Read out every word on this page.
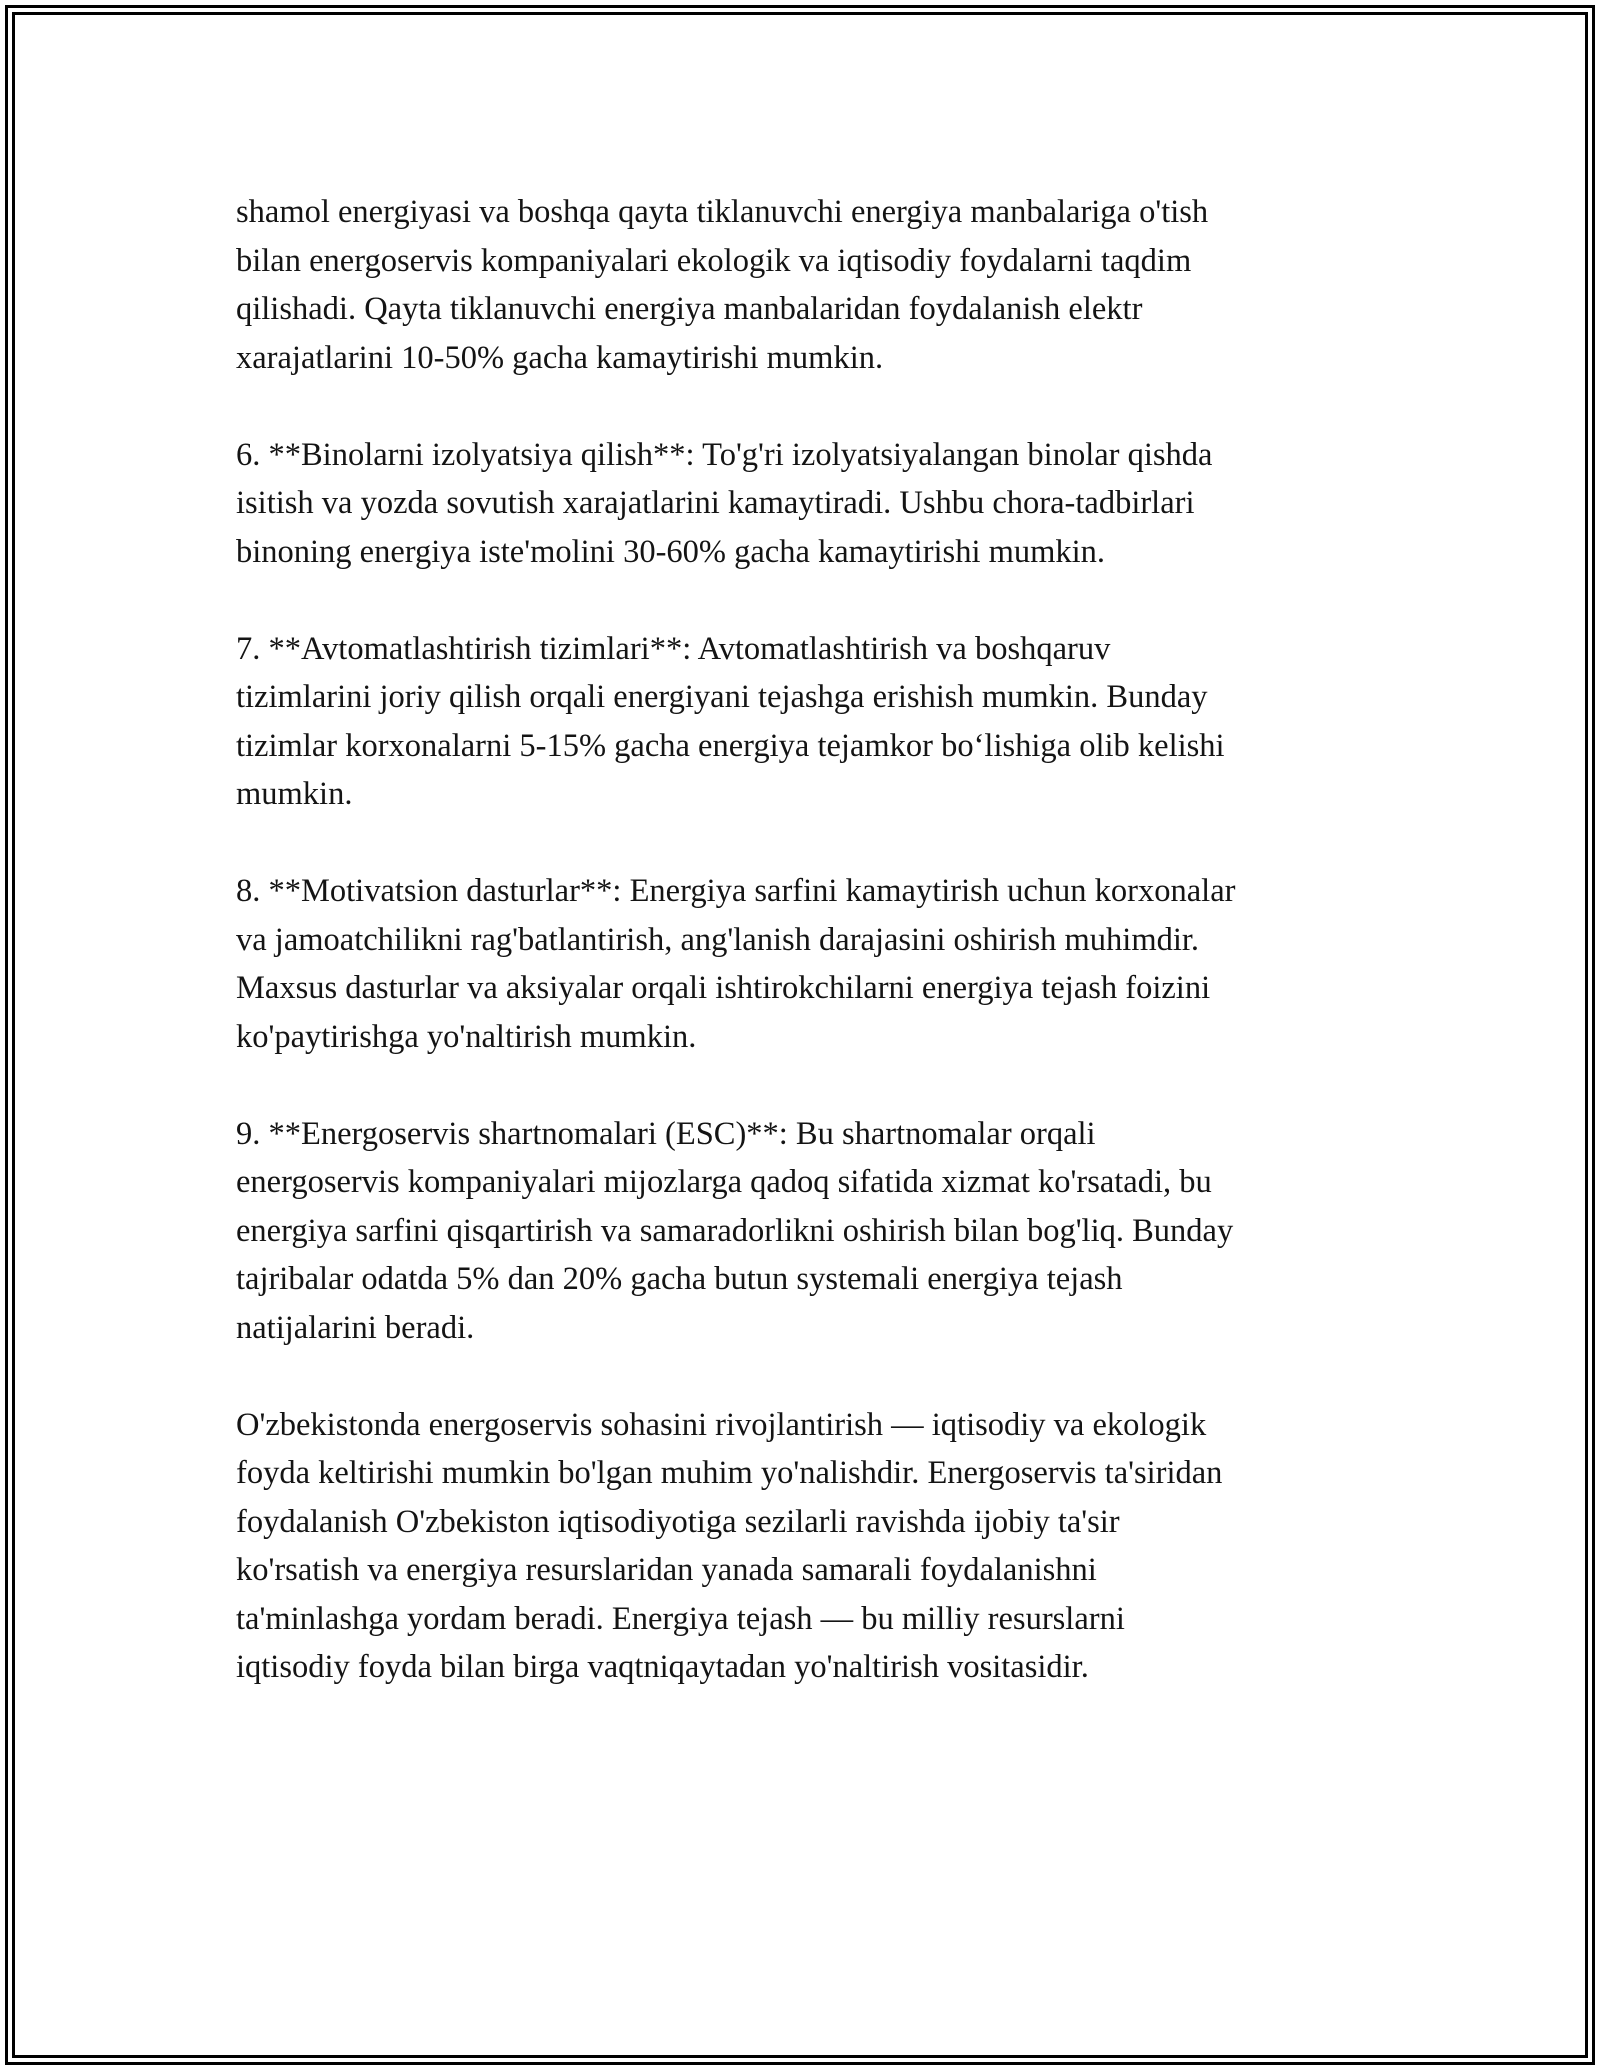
shamol energiyasi va boshqa qayta tiklanuvchi energiya manbalariga o'tish
bilan energoservis kompaniyalari ekologik va iqtisodiy foydalarni taqdim
qilishadi. Qayta tiklanuvchi energiya manbalaridan foydalanish elektr
xarajatlarini 10-50% gacha kamaytirishi mumkin.

6. **Binolarni izolyatsiya qilish**: To'g'ri izolyatsiyalangan binolar qishda
isitish va yozda sovutish xarajatlarini kamaytiradi. Ushbu chora-tadbirlari
binoning energiya iste'molini 30-60% gacha kamaytirishi mumkin.

7. **Avtomatlashtirish tizimlari**: Avtomatlashtirish va boshqaruv
tizimlarini joriy qilish orqali energiyani tejashga erishish mumkin. Bunday
tizimlar korxonalarni 5-15% gacha energiya tejamkor bo‘lishiga olib kelishi
mumkin.

8. **Motivatsion dasturlar**: Energiya sarfini kamaytirish uchun korxonalar
va jamoatchilikni rag'batlantirish, ang'lanish darajasini oshirish muhimdir.
Maxsus dasturlar va aksiyalar orqali ishtirokchilarni energiya tejash foizini
ko'paytirishga yo'naltirish mumkin.

9. **Energoservis shartnomalari (ESC)**: Bu shartnomalar orqali
energoservis kompaniyalari mijozlarga qadoq sifatida xizmat ko'rsatadi, bu
energiya sarfini qisqartirish va samaradorlikni oshirish bilan bog'liq. Bunday
tajribalar odatda 5% dan 20% gacha butun systemali energiya tejash
natijalarini beradi.

O'zbekistonda energoservis sohasini rivojlantirish — iqtisodiy va ekologik
foyda keltirishi mumkin bo'lgan muhim yo'nalishdir. Energoservis ta'siridan
foydalanish O'zbekiston iqtisodiyotiga sezilarli ravishda ijobiy ta'sir
ko'rsatish va energiya resurslaridan yanada samarali foydalanishni
ta'minlashga yordam beradi. Energiya tejash — bu milliy resurslarni
iqtisodiy foyda bilan birga vaqtniqaytadan yo'naltirish vositasidir.
